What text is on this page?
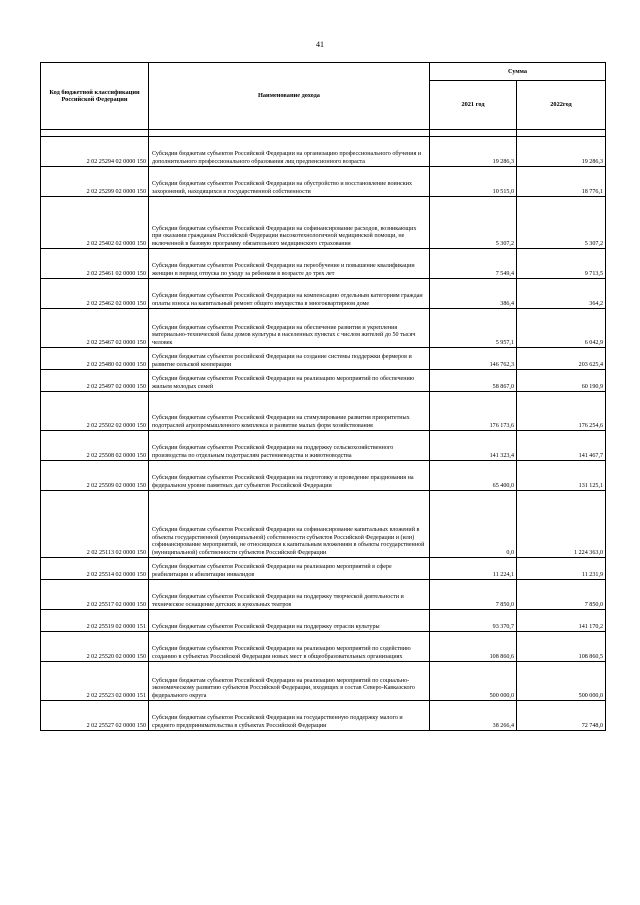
41
Код бюджетной классификации Российской Федерации	Наименование дохода	Сумма	
		2021 год	2022год

2 02 25294 02 0000 150	Субсидии бюджетам субъектов Российской Федерации на организацию профессионального обучения и дополнительного профессионального образования лиц предпенсионного возраста	19 286,3	19 286,3
2 02 25299 02 0000 150	Субсидии бюджетам субъектов Российской Федерации на обустройство и восстановление воинских захоронений, находящихся в государственной собственности	10 515,0	18 776,1
2 02 25402 02 0000 150	Субсидии бюджетам субъектов Российской Федерации на софинансирование расходов, возникающих при оказании гражданам Российской Федерации высокотехнологичной медицинской помощи, не включенной в базовую программу обязательного медицинского страхования	5 307,2	5 307,2
2 02 25461 02 0000 150	Субсидии бюджетам субъектов Российской Федерации на переобучение и повышение квалификации женщин в период отпуска по уходу за ребенком в возрасте до трех лет	7 549,4	9 713,5
2 02 25462 02 0000 150	Субсидии бюджетам субъектов Российской Федерации на компенсацию отдельным категориям граждан оплаты взноса на капитальный ремонт общего имущества в многоквартирном доме	386,4	364,2
2 02 25467 02 0000 150	Субсидии бюджетам субъектов Российской Федерации на обеспечение развития и укрепления материально-технической базы домов культуры в населенных пунктах с числом жителей до 50 тысяч человек	5 957,1	6 042,9
2 02 25480 02 0000 150	Субсидии бюджетам субъектов российской Федерации на создание системы поддержки фермеров и развитие сельской кооперации	146 762,3	203 625,4
2 02 25497 02 0000 150	Субсидии бюджетам субъектов Российской Федерации на реализацию мероприятий по обеспечению жильем молодых семей	58 867,0	60 190,9
2 02 25502 02 0000 150	Субсидии бюджетам субъектов Российской Федерации на стимулирование развития приоритетных подотраслей агропромышленного комплекса и развитие малых форм хозяйствования	176 173,6	176 254,6
2 02 25508 02 0000 150	Субсидии бюджетам субъектов Российской Федерации на поддержку сельскохозяйственного производства по отдельным подотраслям растениеводства и животноводства	141 323,4	141 467,7
2 02 25509 02 0000 150	Субсидии бюджетам субъектов Российской Федерации на подготовку и проведение празднования на федеральном уровне памятных дат субъектов Российской Федерации	65 400,0	131 125,1
2 02 25113 02 0000 150	Субсидии бюджетам субъектов Российской Федерации на софинансирование капитальных вложений в объекты государственной (муниципальной) собственности субъектов Российской Федерации и (или) софинансирование мероприятий, не относящихся к капитальным вложениям в объекты государственной (муниципальной) собственности субъектов Российской Федерации	0,0	1 224 363,0
2 02 25514 02 0000 150	Субсидии бюджетам субъектов Российской Федерации на реализацию мероприятий в сфере реабилитации и абилитации инвалидов	11 224,1	11 231,9
2 02 25517 02 0000 150	Субсидии бюджетам субъектов Российской Федерации на поддержку творческой деятельности и техническое оснащение детских и кукольных театров	7 850,0	7 850,0
2 02 25519 02 0000 151	Субсидии бюджетам субъектов Российской Федерации на поддержку отрасли культуры	93 370,7	141 170,2
2 02 25520 02 0000 150	Субсидии бюджетам субъектов Российской Федерации на реализацию мероприятий по содействию созданию в субъектах Российской Федерации новых мест в общеобразовательных организациях	108 860,6	108 860,5
2 02 25523 02 0000 151	Субсидии бюджетам субъектов Российской Федерации на реализацию мероприятий по социально-экономическому развитию субъектов Российской Федерации, входящих в состав Северо-Кавказского федерального округа	500 000,0	500 000,0
2 02 25527 02 0000 150	Субсидии бюджетам субъектов Российской Федерации на государственную поддержку малого и среднего предпринимательства в субъектах Российской Федерации	38 266,4	72 748,0
